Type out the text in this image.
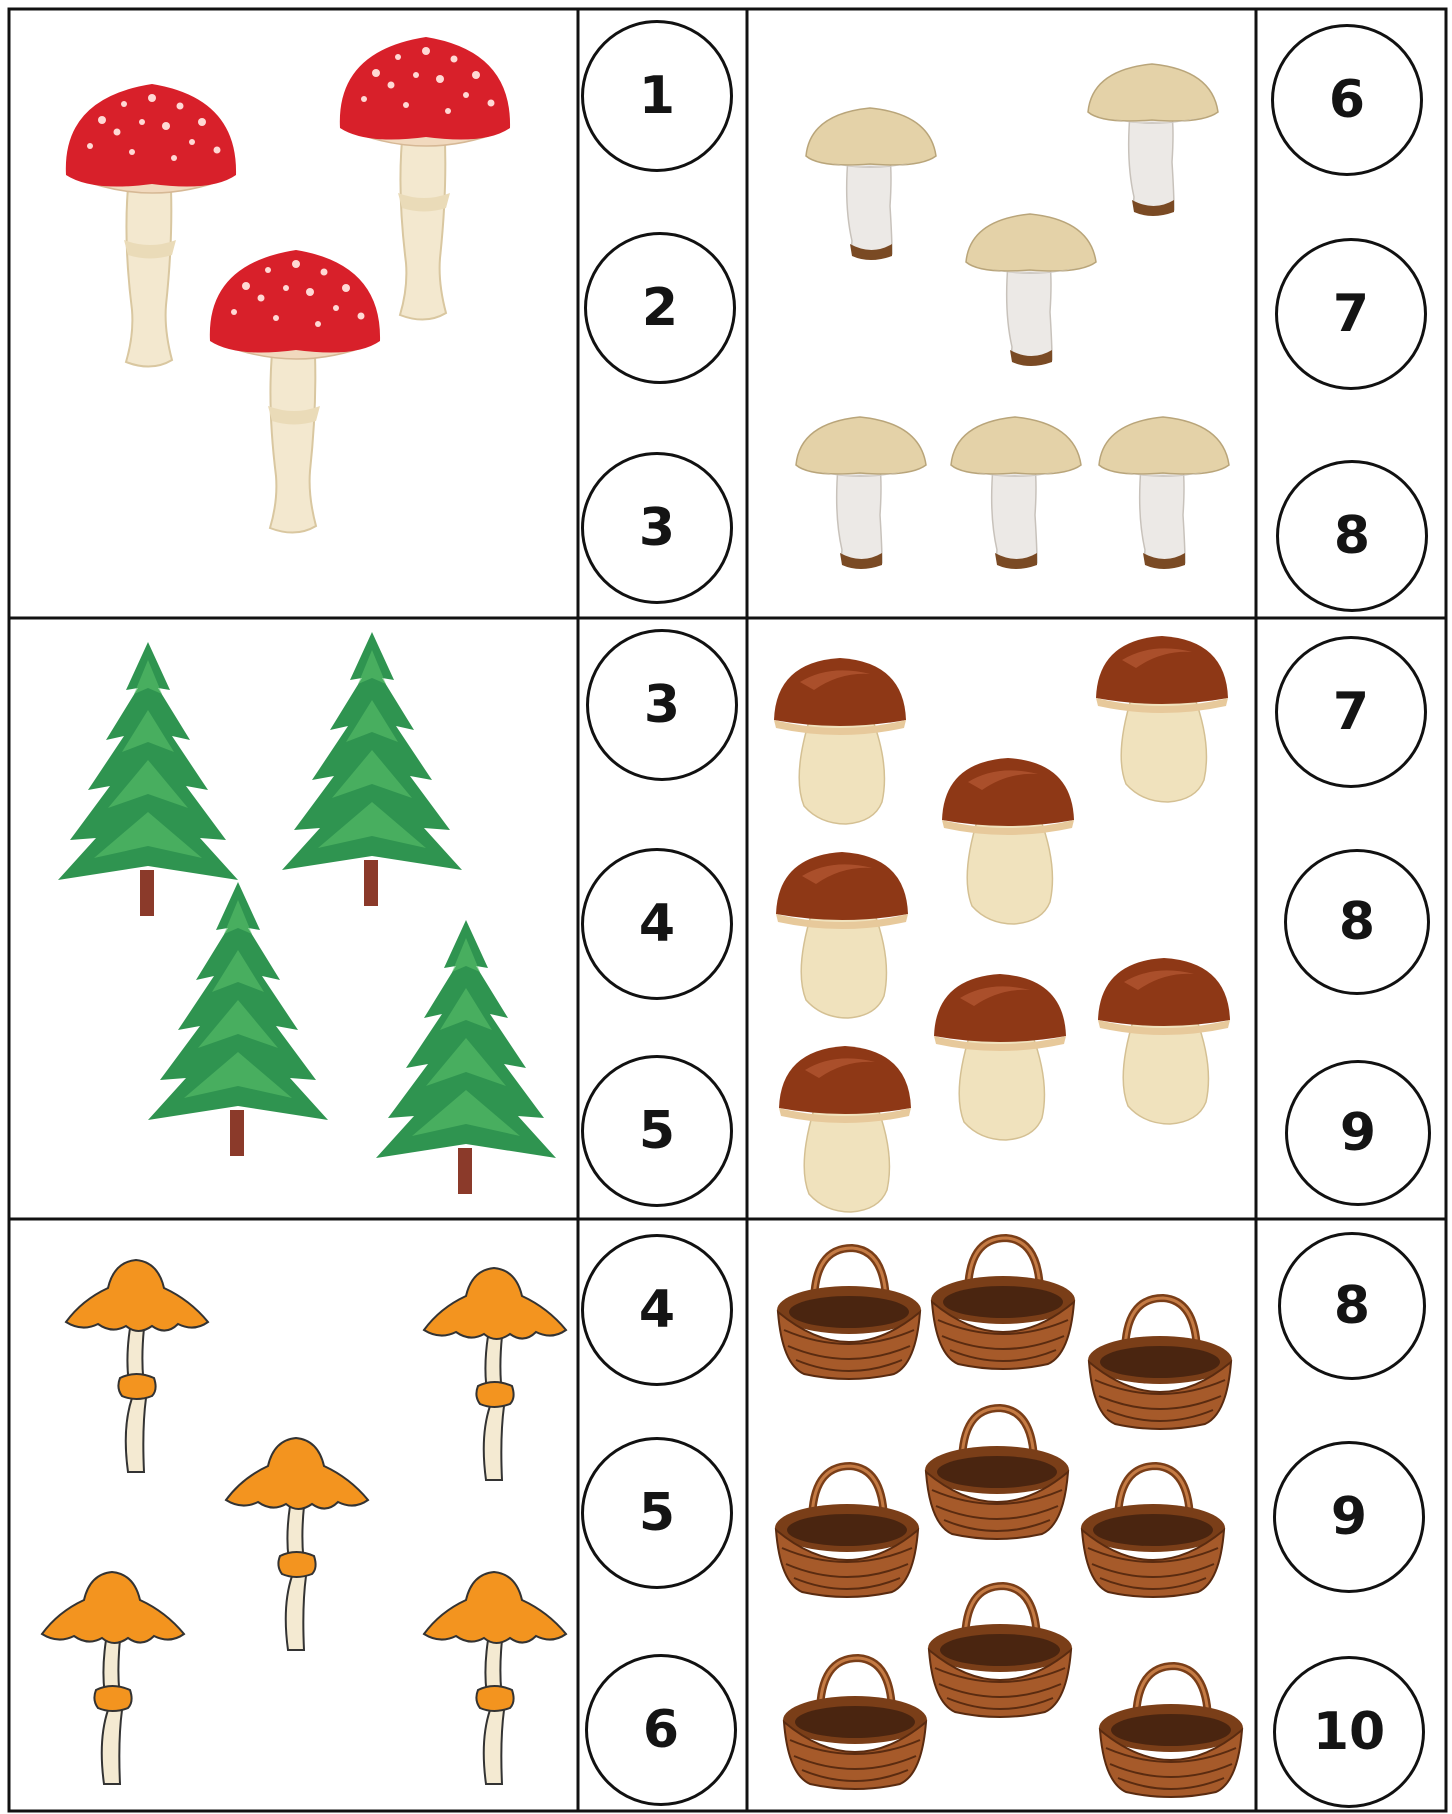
1
2
3
6
7
8
3
4
5
7
8
9
4
5
6
8
9
10
